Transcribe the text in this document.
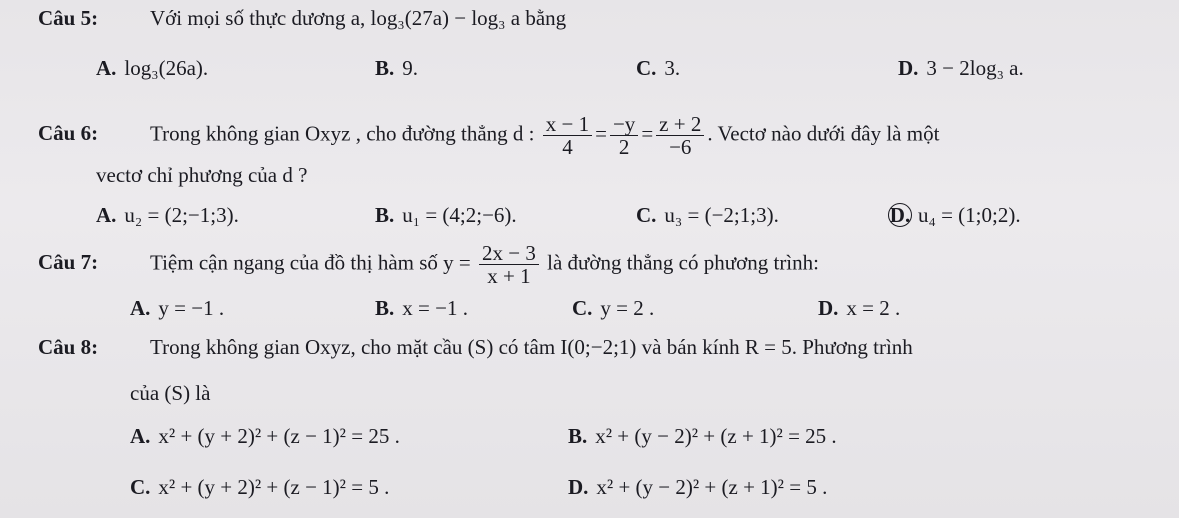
Câu 5: Với mọi số thực dương a, log₃(27a) − log₃ a bằng
A. log₃(26a).	B. 9.	C. 3.	D. 3 − 2log₃ a.
Câu 6: Trong không gian Oxyz , cho đường thẳng d : $\frac{x - 1}{4} = \frac{-y}{2} = \frac{z + 2}{-6}$ . Vectơ nào dưới đây là một
vectơ chỉ phương của d ?
A. u₂ = (2;−1;3).	B. u₁ = (4;2;−6).	C. u₃ = (−2;1;3).	D. u₄ = (1;0;2).
Câu 7: Tiệm cận ngang của đồ thị hàm số $y = \frac{2x - 3}{x + 1}$ là đường thẳng có phương trình:
A. y = −1 .	B. x = −1 .	C. y = 2 .	D. x = 2 .
Câu 8: Trong không gian Oxyz, cho mặt cầu (S) có tâm I(0;−2;1) và bán kính R = 5. Phương trình
của (S) là
A. x² + (y + 2)² + (z − 1)² = 25 .	B. x² + (y − 2)² + (z + 1)² = 25 .
C. x² + (y + 2)² + (z − 1)² = 5 .	D. x² + (y − 2)² + (z + 1)² = 5 .
